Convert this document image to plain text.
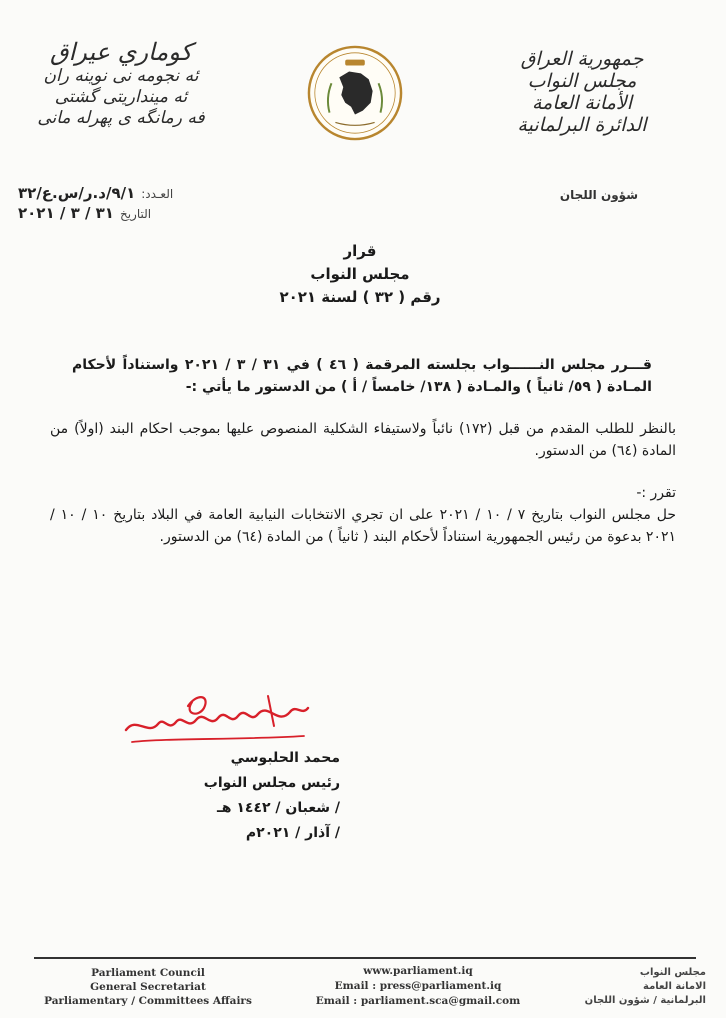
جمهورية العراق
مجلس النواب
الأمانة العامة
الدائرة البرلمانية
شؤون اللجان
كوماري عيراق
ئه نجومه نى نوينه ران
ئه مينداريتى گشتى
فه رمانگه ى پهرله مانى
العـدد:
٩/١/د.ر/س.ع/٣٢
التاريخ
٣١ / ٣ / ٢٠٢١
قرار
مجلس النواب
رقم ( ٣٢ ) لسنة ٢٠٢١
قـــرر مجلس النــــــواب بجلسته المرقمة ( ٤٦ ) في ٣١ / ٣ / ٢٠٢١ واستناداً لأحكام المـادة ( ٥٩/ ثانياً ) والمـادة ( ١٣٨/ خامساً / أ ) من الدستور ما يأتي :-
بالنظر للطلب المقدم من قبل (١٧٢) نائباً ولاستيفاء الشكلية المنصوص عليها بموجب احكام البند (اولاً) من المادة (٦٤) من الدستور.
تقرر :-
حل مجلس النواب بتاريخ ٧ / ١٠ / ٢٠٢١ على ان تجري الانتخابات النيابية العامة في البلاد بتاريخ ١٠ / ١٠ / ٢٠٢١ بدعوة من رئيس الجمهورية استناداً لأحكام البند ( ثانياً ) من المادة (٦٤) من الدستور.
محمد الحلبوسي
رئيس مجلس النواب
/ شعبان / ١٤٤٢ هـ
/ آذار / ٢٠٢١م
Parliament Council
General Secretariat
Parliamentary / Committees Affairs
www.parliament.iq
Email : press@parliament.iq
Email : parliament.sca@gmail.com
مجلس النواب
الامانة العامة
البرلمانية / شؤون اللجان
